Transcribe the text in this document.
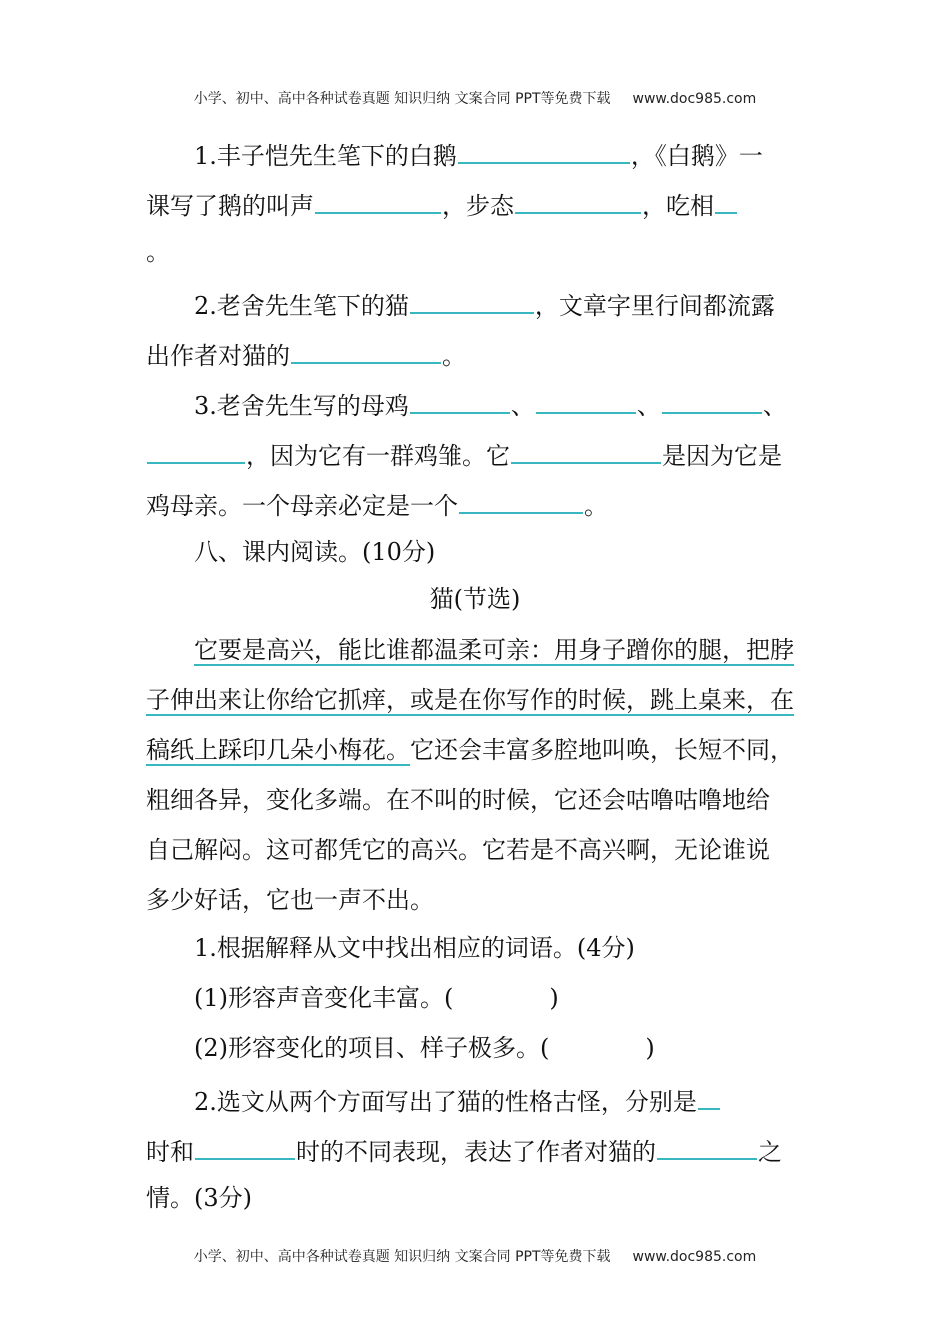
小学、初中、高中各种试卷真题 知识归纳 文案合同 PPT等免费下载 www.doc985.com
1.丰子恺先生笔下的白鹅	，《白鹅》一
课写了鹅的叫声	，步态	，吃相
。
2.老舍先生笔下的猫	，文章字里行间都流露
出作者对猫的	。
3.老舍先生写的母鸡	、	、	、
，因为它有一群鸡雏。它	是因为它是
鸡母亲。一个母亲必定是一个	。
八、课内阅读。(10分)
猫(节选)
它要是高兴，能比谁都温柔可亲：用身子蹭你的腿，把脖
子伸出来让你给它抓痒，或是在你写作的时候，跳上桌来，在
稿纸上踩印几朵小梅花。它还会丰富多腔地叫唤，长短不同，
粗细各异，变化多端。在不叫的时候，它还会咕噜咕噜地给
自己解闷。这可都凭它的高兴。它若是不高兴啊，无论谁说
多少好话，它也一声不出。
1.根据解释从文中找出相应的词语。(4分)
(1)形容声音变化丰富。(	)
(2)形容变化的项目、样子极多。(	)
2.选文从两个方面写出了猫的性格古怪，分别是
时和	时的不同表现，表达了作者对猫的	之
情。(3分)
小学、初中、高中各种试卷真题 知识归纳 文案合同 PPT等免费下载 www.doc985.com
